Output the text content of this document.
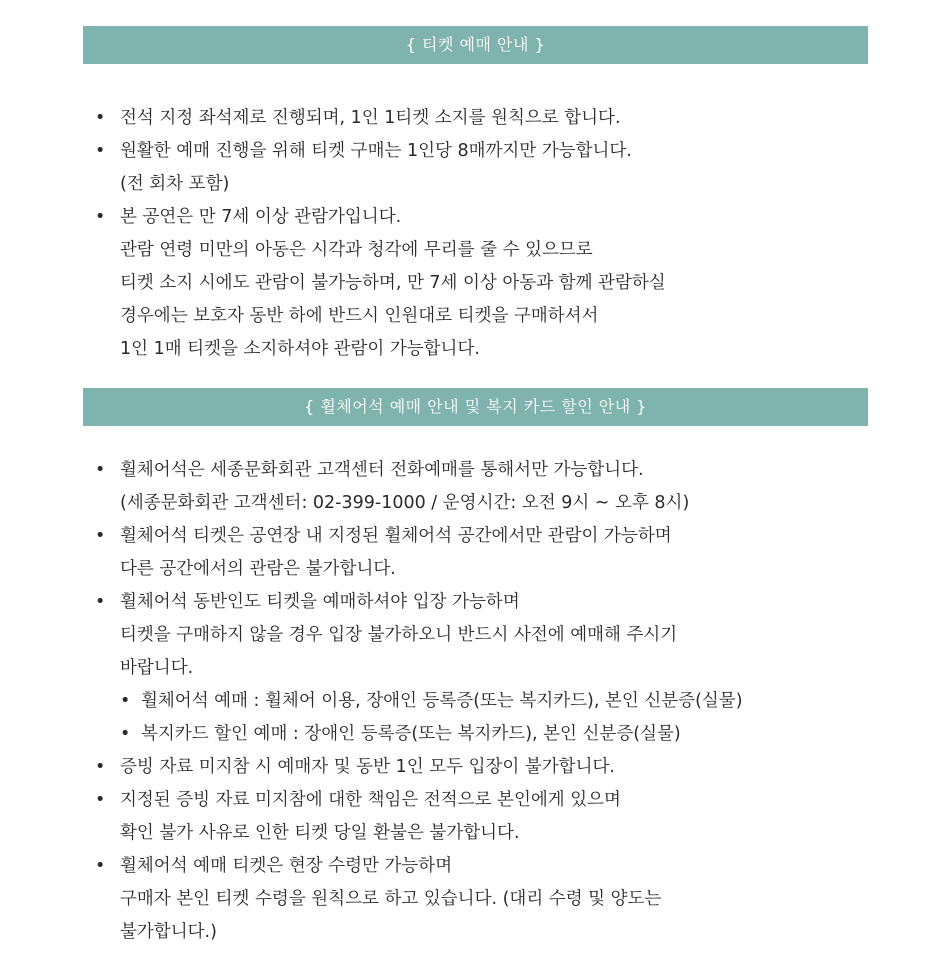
{ 티켓 예매 안내 }
• 전석 지정 좌석제로 진행되며, 1인 1티켓 소지를 원칙으로 합니다.
• 원활한 예매 진행을 위해 티켓 구매는 1인당 8매까지만 가능합니다.
(전 회차 포함)
• 본 공연은 만 7세 이상 관람가입니다.
관람 연령 미만의 아동은 시각과 청각에 무리를 줄 수 있으므로
티켓 소지 시에도 관람이 불가능하며, 만 7세 이상 아동과 함께 관람하실
경우에는 보호자 동반 하에 반드시 인원대로 티켓을 구매하셔서
1인 1매 티켓을 소지하셔야 관람이 가능합니다.
{ 휠체어석 예매 안내 및 복지 카드 할인 안내 }
• 휠체어석은 세종문화회관 고객센터 전화예매를 통해서만 가능합니다.
(세종문화회관 고객센터: 02-399-1000 / 운영시간: 오전 9시 ~ 오후 8시)
• 휠체어석 티켓은 공연장 내 지정된 휠체어석 공간에서만 관람이 가능하며
다른 공간에서의 관람은 불가합니다.
• 휠체어석 동반인도 티켓을 예매하셔야 입장 가능하며
티켓을 구매하지 않을 경우 입장 불가하오니 반드시 사전에 예매해 주시기
바랍니다.
• 휠체어석 예매 : 휠체어 이용, 장애인 등록증(또는 복지카드), 본인 신분증(실물)
• 복지카드 할인 예매 : 장애인 등록증(또는 복지카드), 본인 신분증(실물)
• 증빙 자료 미지참 시 예매자 및 동반 1인 모두 입장이 불가합니다.
• 지정된 증빙 자료 미지참에 대한 책임은 전적으로 본인에게 있으며
확인 불가 사유로 인한 티켓 당일 환불은 불가합니다.
• 휠체어석 예매 티켓은 현장 수령만 가능하며
구매자 본인 티켓 수령을 원칙으로 하고 있습니다. (대리 수령 및 양도는
불가합니다.)
